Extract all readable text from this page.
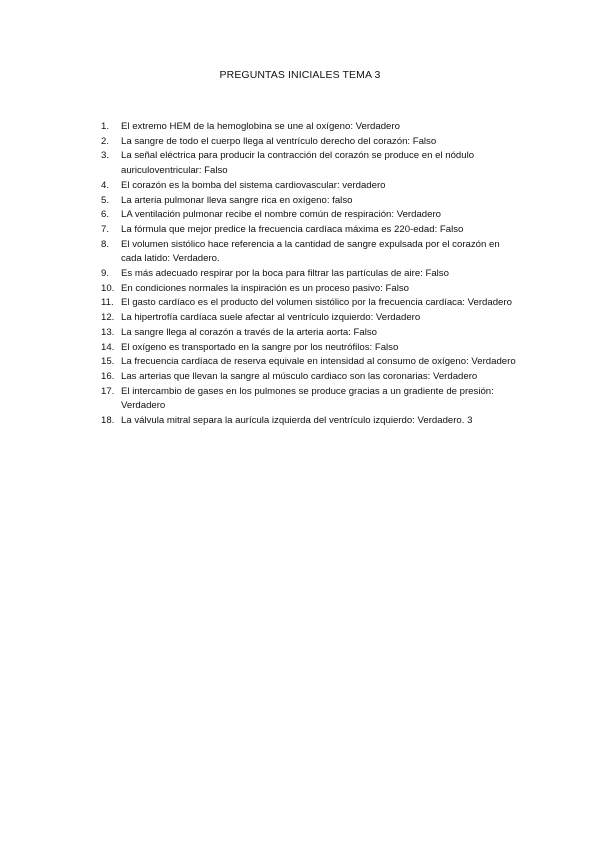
PREGUNTAS INICIALES TEMA 3
1. El extremo HEM de la hemoglobina se une al oxígeno: Verdadero
2. La sangre de todo el cuerpo llega al ventrículo derecho del corazón: Falso
3. La señal eléctrica para producir la contracción del corazón se produce en el nódulo auriculoventricular: Falso
4. El corazón es la bomba del sistema cardiovascular: verdadero
5. La arteria pulmonar lleva sangre rica en oxígeno: falso
6. LA ventilación pulmonar recibe el nombre común de respiración: Verdadero
7. La fórmula que mejor predice la frecuencia cardíaca máxima es 220-edad: Falso
8. El volumen sistólico hace referencia a la cantidad de sangre expulsada por el corazón en cada latido: Verdadero.
9. Es más adecuado respirar por la boca para filtrar las partículas de aire: Falso
10. En condiciones normales la inspiración es un proceso pasivo: Falso
11. El gasto cardíaco es el producto del volumen sistólico por la frecuencia cardíaca: Verdadero
12. La hipertrofía cardíaca suele afectar al ventrículo izquierdo: Verdadero
13. La sangre llega al corazón a través de la arteria aorta: Falso
14. El oxígeno es transportado en la sangre por los neutrófilos: Falso
15. La frecuencia cardíaca de reserva equivale en intensidad al consumo de oxígeno: Verdadero
16. Las arterias que llevan la sangre al músculo cardiaco son las coronarias: Verdadero
17. El intercambio de gases en los pulmones se produce gracias a un gradiente de presión: Verdadero
18. La válvula mitral separa la aurícula izquierda del ventrículo izquierdo: Verdadero. 3
